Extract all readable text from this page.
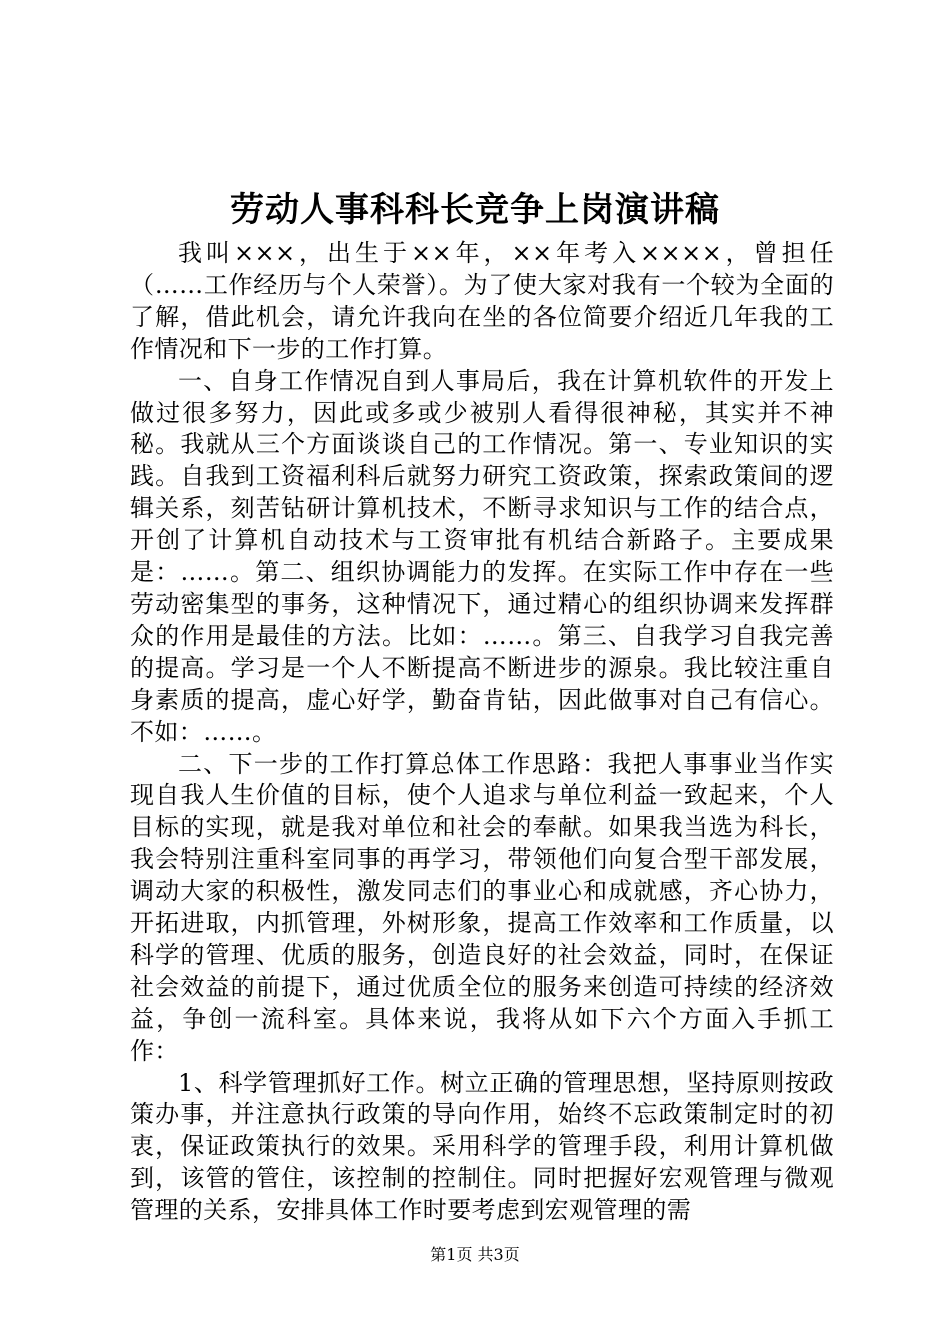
劳动人事科科长竞争上岗演讲稿

我叫×××，出生于××年，××年考入××××，曾担任（……工作经历与个人荣誉）。为了使大家对我有一个较为全面的了解，借此机会，请允许我向在坐的各位简要介绍近几年我的工作情况和下一步的工作打算。

一、自身工作情况自到人事局后，我在计算机软件的开发上做过很多努力，因此或多或少被别人看得很神秘，其实并不神秘。我就从三个方面谈谈自己的工作情况。第一、专业知识的实践。自我到工资福利科后就努力研究工资政策，探索政策间的逻辑关系，刻苦钻研计算机技术，不断寻求知识与工作的结合点，开创了计算机自动技术与工资审批有机结合新路子。主要成果是：……。第二、组织协调能力的发挥。在实际工作中存在一些劳动密集型的事务，这种情况下，通过精心的组织协调来发挥群众的作用是最佳的方法。比如：……。第三、自我学习自我完善的提高。学习是一个人不断提高不断进步的源泉。我比较注重自身素质的提高，虚心好学，勤奋肯钻，因此做事对自己有信心。不如：……。

二、下一步的工作打算总体工作思路：我把人事事业当作实现自我人生价值的目标，使个人追求与单位利益一致起来，个人目标的实现，就是我对单位和社会的奉献。如果我当选为科长，我会特别注重科室同事的再学习，带领他们向复合型干部发展，调动大家的积极性，激发同志们的事业心和成就感，齐心协力，开拓进取，内抓管理，外树形象，提高工作效率和工作质量，以科学的管理、优质的服务，创造良好的社会效益，同时，在保证社会效益的前提下，通过优质全位的服务来创造可持续的经济效益，争创一流科室。具体来说，我将从如下六个方面入手抓工作：

1、科学管理抓好工作。树立正确的管理思想，坚持原则按政策办事，并注意执行政策的导向作用，始终不忘政策制定时的初衷，保证政策执行的效果。采用科学的管理手段，利用计算机做到，该管的管住，该控制的控制住。同时把握好宏观管理与微观管理的关系，安排具体工作时要考虑到宏观管理的需

第1页 共3页
